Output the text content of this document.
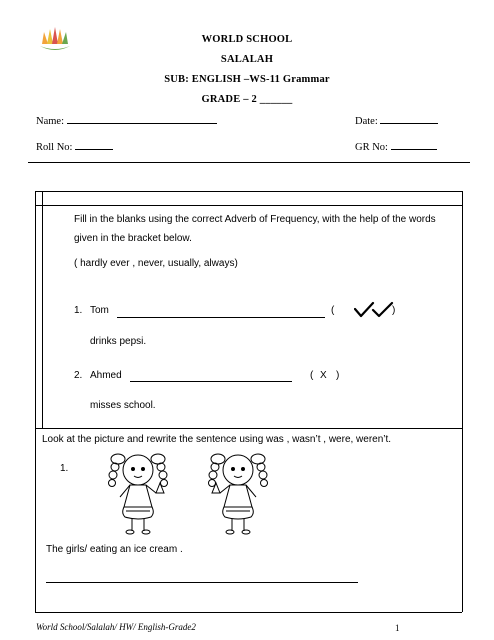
WORLD SCHOOL
SALALAH
SUB: ENGLISH –WS-11 Grammar
GRADE – 2 ______
Name:	Date:
Roll No:	GR No:
Fill in the blanks using the correct Adverb of Frequency, with the help of the words given in the bracket below.
( hardly ever , never, usually, always)
1. Tom	(	)
drinks pepsi.
2. Ahmed	( X )
misses school.
Look at the picture and rewrite the sentence using was , wasn’t , were, weren’t.
1.
The girls/ eating an ice cream .
World School/Salalah/ HW/ English-Grade2	1
